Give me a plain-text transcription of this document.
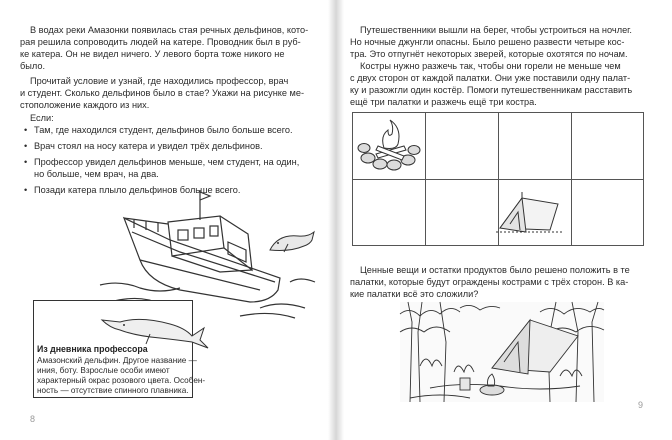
В водах реки Амазонки появилась стая речных дельфинов, кото-
рая решила сопроводить людей на катере. Проводник был в руб-
ке катера. Он не видел ничего. У левого борта тоже никого не
было.
Прочитай условие и узнай, где находились профессор, врач
и студент. Сколько дельфинов было в стае? Укажи на рисунке ме-
стоположение каждого из них.
Если:
• Там, где находился студент, дельфинов было больше всего.
• Врач стоял на носу катера и увидел трёх дельфинов.
• Профессор увидел дельфинов меньше, чем студент, на один,
но больше, чем врач, на два.
• Позади катера плыло дельфинов больше всего.
Из дневника профессора
Амазонский дельфин. Другое название —
иния, боту. Взрослые особи имеют
характерный окрас розового цвета. Особен-
ность — отсутствие спинного плавника.
8
Путешественники вышли на берег, чтобы устроиться на ночлег.
Но ночные джунгли опасны. Было решено развести четыре кос-
тра. Это отпугнёт некоторых зверей, которые охотятся по ночам.
Костры нужно разжечь так, чтобы они горели не меньше чем
с двух сторон от каждой палатки. Они уже поставили одну палат-
ку и разожгли один костёр. Помоги путешественникам расставить
ещё три палатки и разжечь ещё три костра.
Ценные вещи и остатки продуктов было решено положить в те
палатки, которые будут ограждены кострами с трёх сторон. В ка-
кие палатки всё это сложили?
9
